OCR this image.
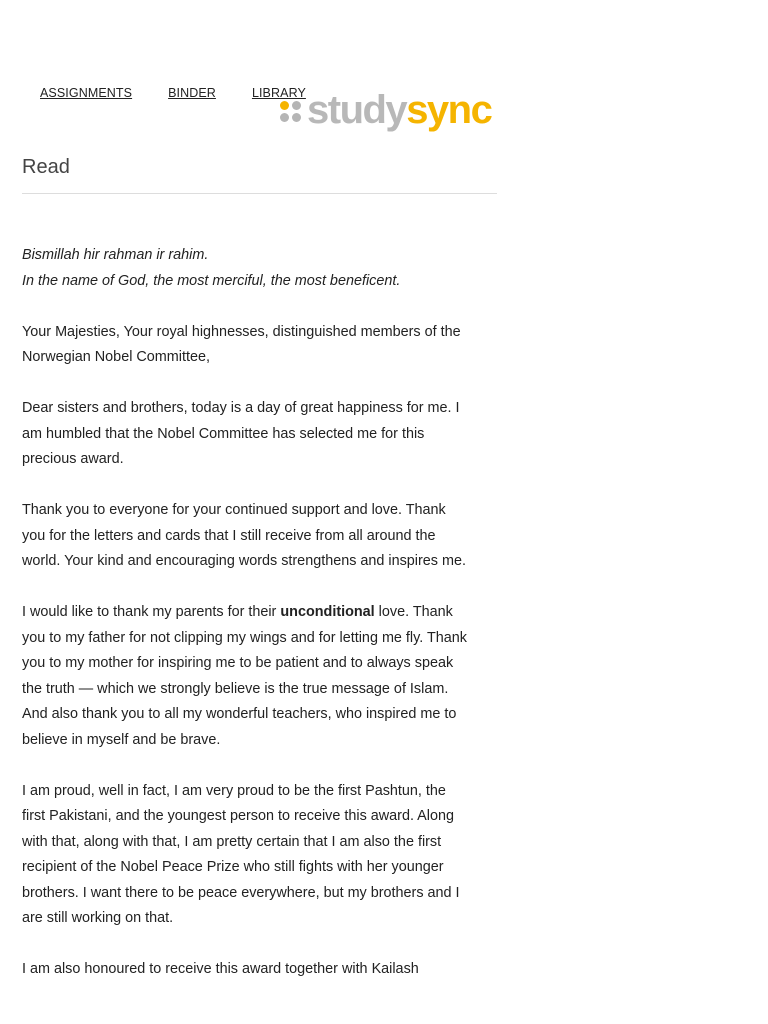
ASSIGNMENTS	BINDER	LIBRARY study sync
Read

Bismillah hir rahman ir rahim.
In the name of God, the most merciful, the most beneficent.

Your Majesties, Your royal highnesses, distinguished members of the Norwegian Nobel Committee,

Dear sisters and brothers, today is a day of great happiness for me. I am humbled that the Nobel Committee has selected me for this precious award.

Thank you to everyone for your continued support and love. Thank you for the letters and cards that I still receive from all around the world. Your kind and encouraging words strengthens and inspires me.

I would like to thank my parents for their unconditional love. Thank you to my father for not clipping my wings and for letting me fly. Thank you to my mother for inspiring me to be patient and to always speak the truth — which we strongly believe is the true message of Islam. And also thank you to all my wonderful teachers, who inspired me to believe in myself and be brave.

I am proud, well in fact, I am very proud to be the first Pashtun, the first Pakistani, and the youngest person to receive this award. Along with that, along with that, I am pretty certain that I am also the first recipient of the Nobel Peace Prize who still fights with her younger brothers. I want there to be peace everywhere, but my brothers and I are still working on that.

I am also honoured to receive this award together with Kailash
